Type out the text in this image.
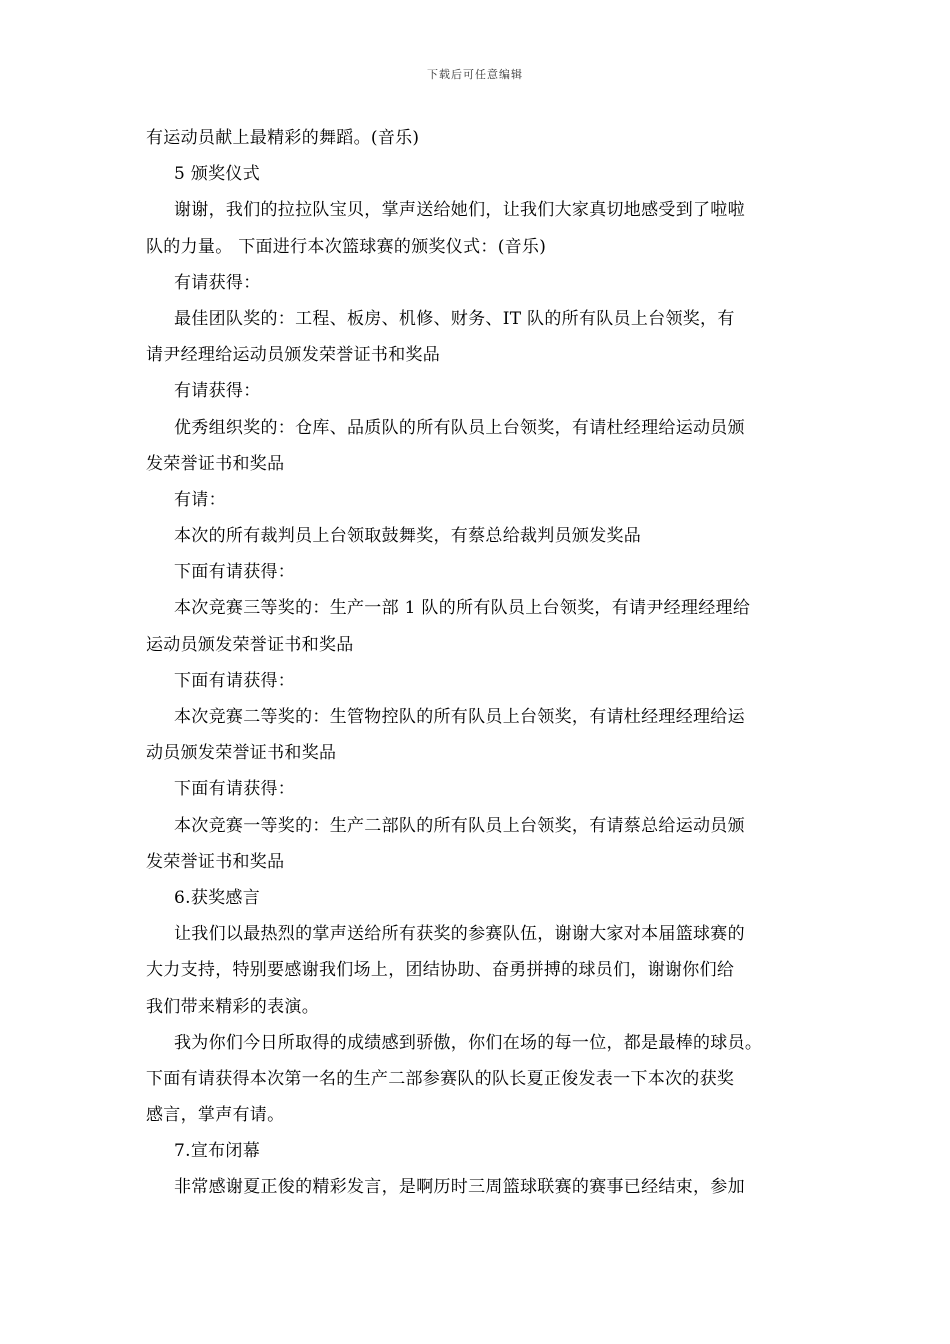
下载后可任意编辑
有运动员献上最精彩的舞蹈。(音乐)
5 颁奖仪式
谢谢，我们的拉拉队宝贝，掌声送给她们，让我们大家真切地感受到了啦啦
队的力量。 下面进行本次篮球赛的颁奖仪式：(音乐)
有请获得：
最佳团队奖的：工程、板房、机修、财务、IT 队的所有队员上台领奖，有
请尹经理给运动员颁发荣誉证书和奖品
有请获得：
优秀组织奖的：仓库、品质队的所有队员上台领奖，有请杜经理给运动员颁
发荣誉证书和奖品
有请：
本次的所有裁判员上台领取鼓舞奖，有蔡总给裁判员颁发奖品
下面有请获得：
本次竞赛三等奖的：生产一部 1 队的所有队员上台领奖，有请尹经理经理给
运动员颁发荣誉证书和奖品
下面有请获得：
本次竞赛二等奖的：生管物控队的所有队员上台领奖，有请杜经理经理给运
动员颁发荣誉证书和奖品
下面有请获得：
本次竞赛一等奖的：生产二部队的所有队员上台领奖，有请蔡总给运动员颁
发荣誉证书和奖品
6.获奖感言
让我们以最热烈的掌声送给所有获奖的参赛队伍，谢谢大家对本届篮球赛的
大力支持，特别要感谢我们场上，团结协助、奋勇拼搏的球员们，谢谢你们给
我们带来精彩的表演。
我为你们今日所取得的成绩感到骄傲，你们在场的每一位，都是最棒的球员。
下面有请获得本次第一名的生产二部参赛队的队长夏正俊发表一下本次的获奖
感言，掌声有请。
7.宣布闭幕
非常感谢夏正俊的精彩发言，是啊历时三周篮球联赛的赛事已经结束，参加
